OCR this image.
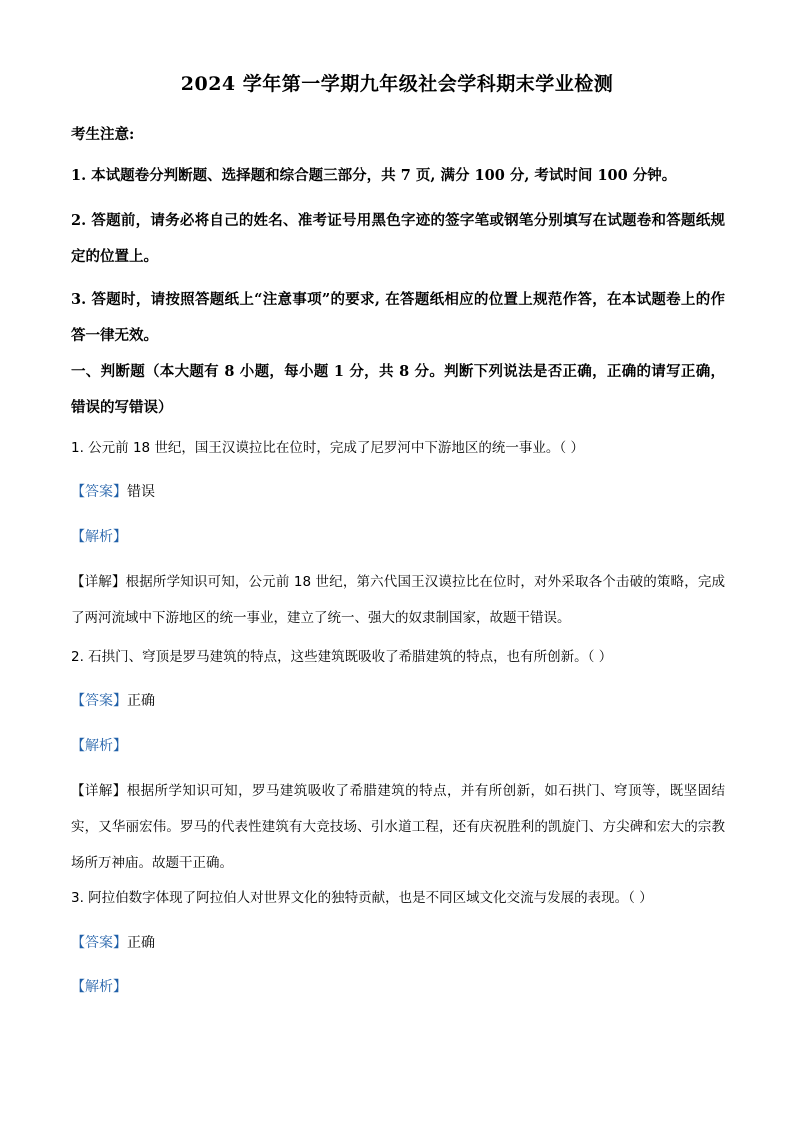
2024 学年第一学期九年级社会学科期末学业检测
考生注意:
1. 本试题卷分判断题、选择题和综合题三部分，共 7 页, 满分 100 分, 考试时间 100 分钟。
2. 答题前，请务必将自己的姓名、准考证号用黑色字迹的签字笔或钢笔分别填写在试题卷和答题纸规定的位置上。
3. 答题时，请按照答题纸上“注意事项”的要求, 在答题纸相应的位置上规范作答，在本试题卷上的作答一律无效。
一、判断题（本大题有 8 小题，每小题 1 分，共 8 分。判断下列说法是否正确，正确的请写正确，错误的写错误）
1. 公元前 18 世纪，国王汉谟拉比在位时，完成了尼罗河中下游地区的统一事业。（ ）
【答案】错误
【解析】
【详解】根据所学知识可知，公元前 18 世纪，第六代国王汉谟拉比在位时，对外采取各个击破的策略，完成了两河流域中下游地区的统一事业，建立了统一、强大的奴隶制国家，故题干错误。
2. 石拱门、穹顶是罗马建筑的特点，这些建筑既吸收了希腊建筑的特点，也有所创新。（ ）
【答案】正确
【解析】
【详解】根据所学知识可知，罗马建筑吸收了希腊建筑的特点，并有所创新，如石拱门、穹顶等，既坚固结实，又华丽宏伟。罗马的代表性建筑有大竞技场、引水道工程，还有庆祝胜利的凯旋门、方尖碑和宏大的宗教场所万神庙。故题干正确。
3. 阿拉伯数字体现了阿拉伯人对世界文化的独特贡献，也是不同区域文化交流与发展的表现。（ ）
【答案】正确
【解析】
